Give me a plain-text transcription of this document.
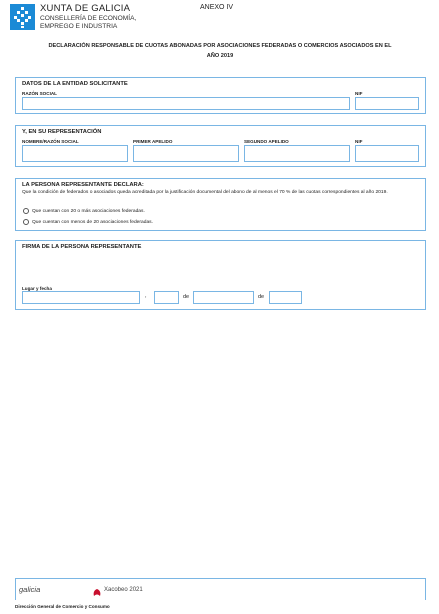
XUNTA DE GALICIA
CONSELLERÍA DE ECONOMÍA,
EMPREGO E INDUSTRIA
ANEXO IV
DECLARACIÓN RESPONSABLE DE CUOTAS ABONADAS POR ASOCIACIONES FEDERADAS O COMERCIOS ASOCIADOS EN EL
AÑO 2019
DATOS DE LA ENTIDAD SOLICITANTE
RAZÓN SOCIAL	NIF
Y, EN SU REPRESENTACIÓN
NOMBRE/RAZÓN SOCIAL	PRIMER APELIDO	SEGUNDO APELIDO	NIF
LA PERSONA REPRESENTANTE DECLARA:
Que la condición de federados o asociados queda acreditada por la justificación documental del abono de al menos el 70 % de las cuotas correspondientes al año 2019.
Que cuentan con 20 o más asociaciones federadas.
Que cuentan con menos de 20 asociaciones federadas.
FIRMA DE LA PERSONA REPRESENTANTE
Lugar y fecha
,	de	de
galicia	Xacobeo 2021
Dirección General de Comercio y Consumo
